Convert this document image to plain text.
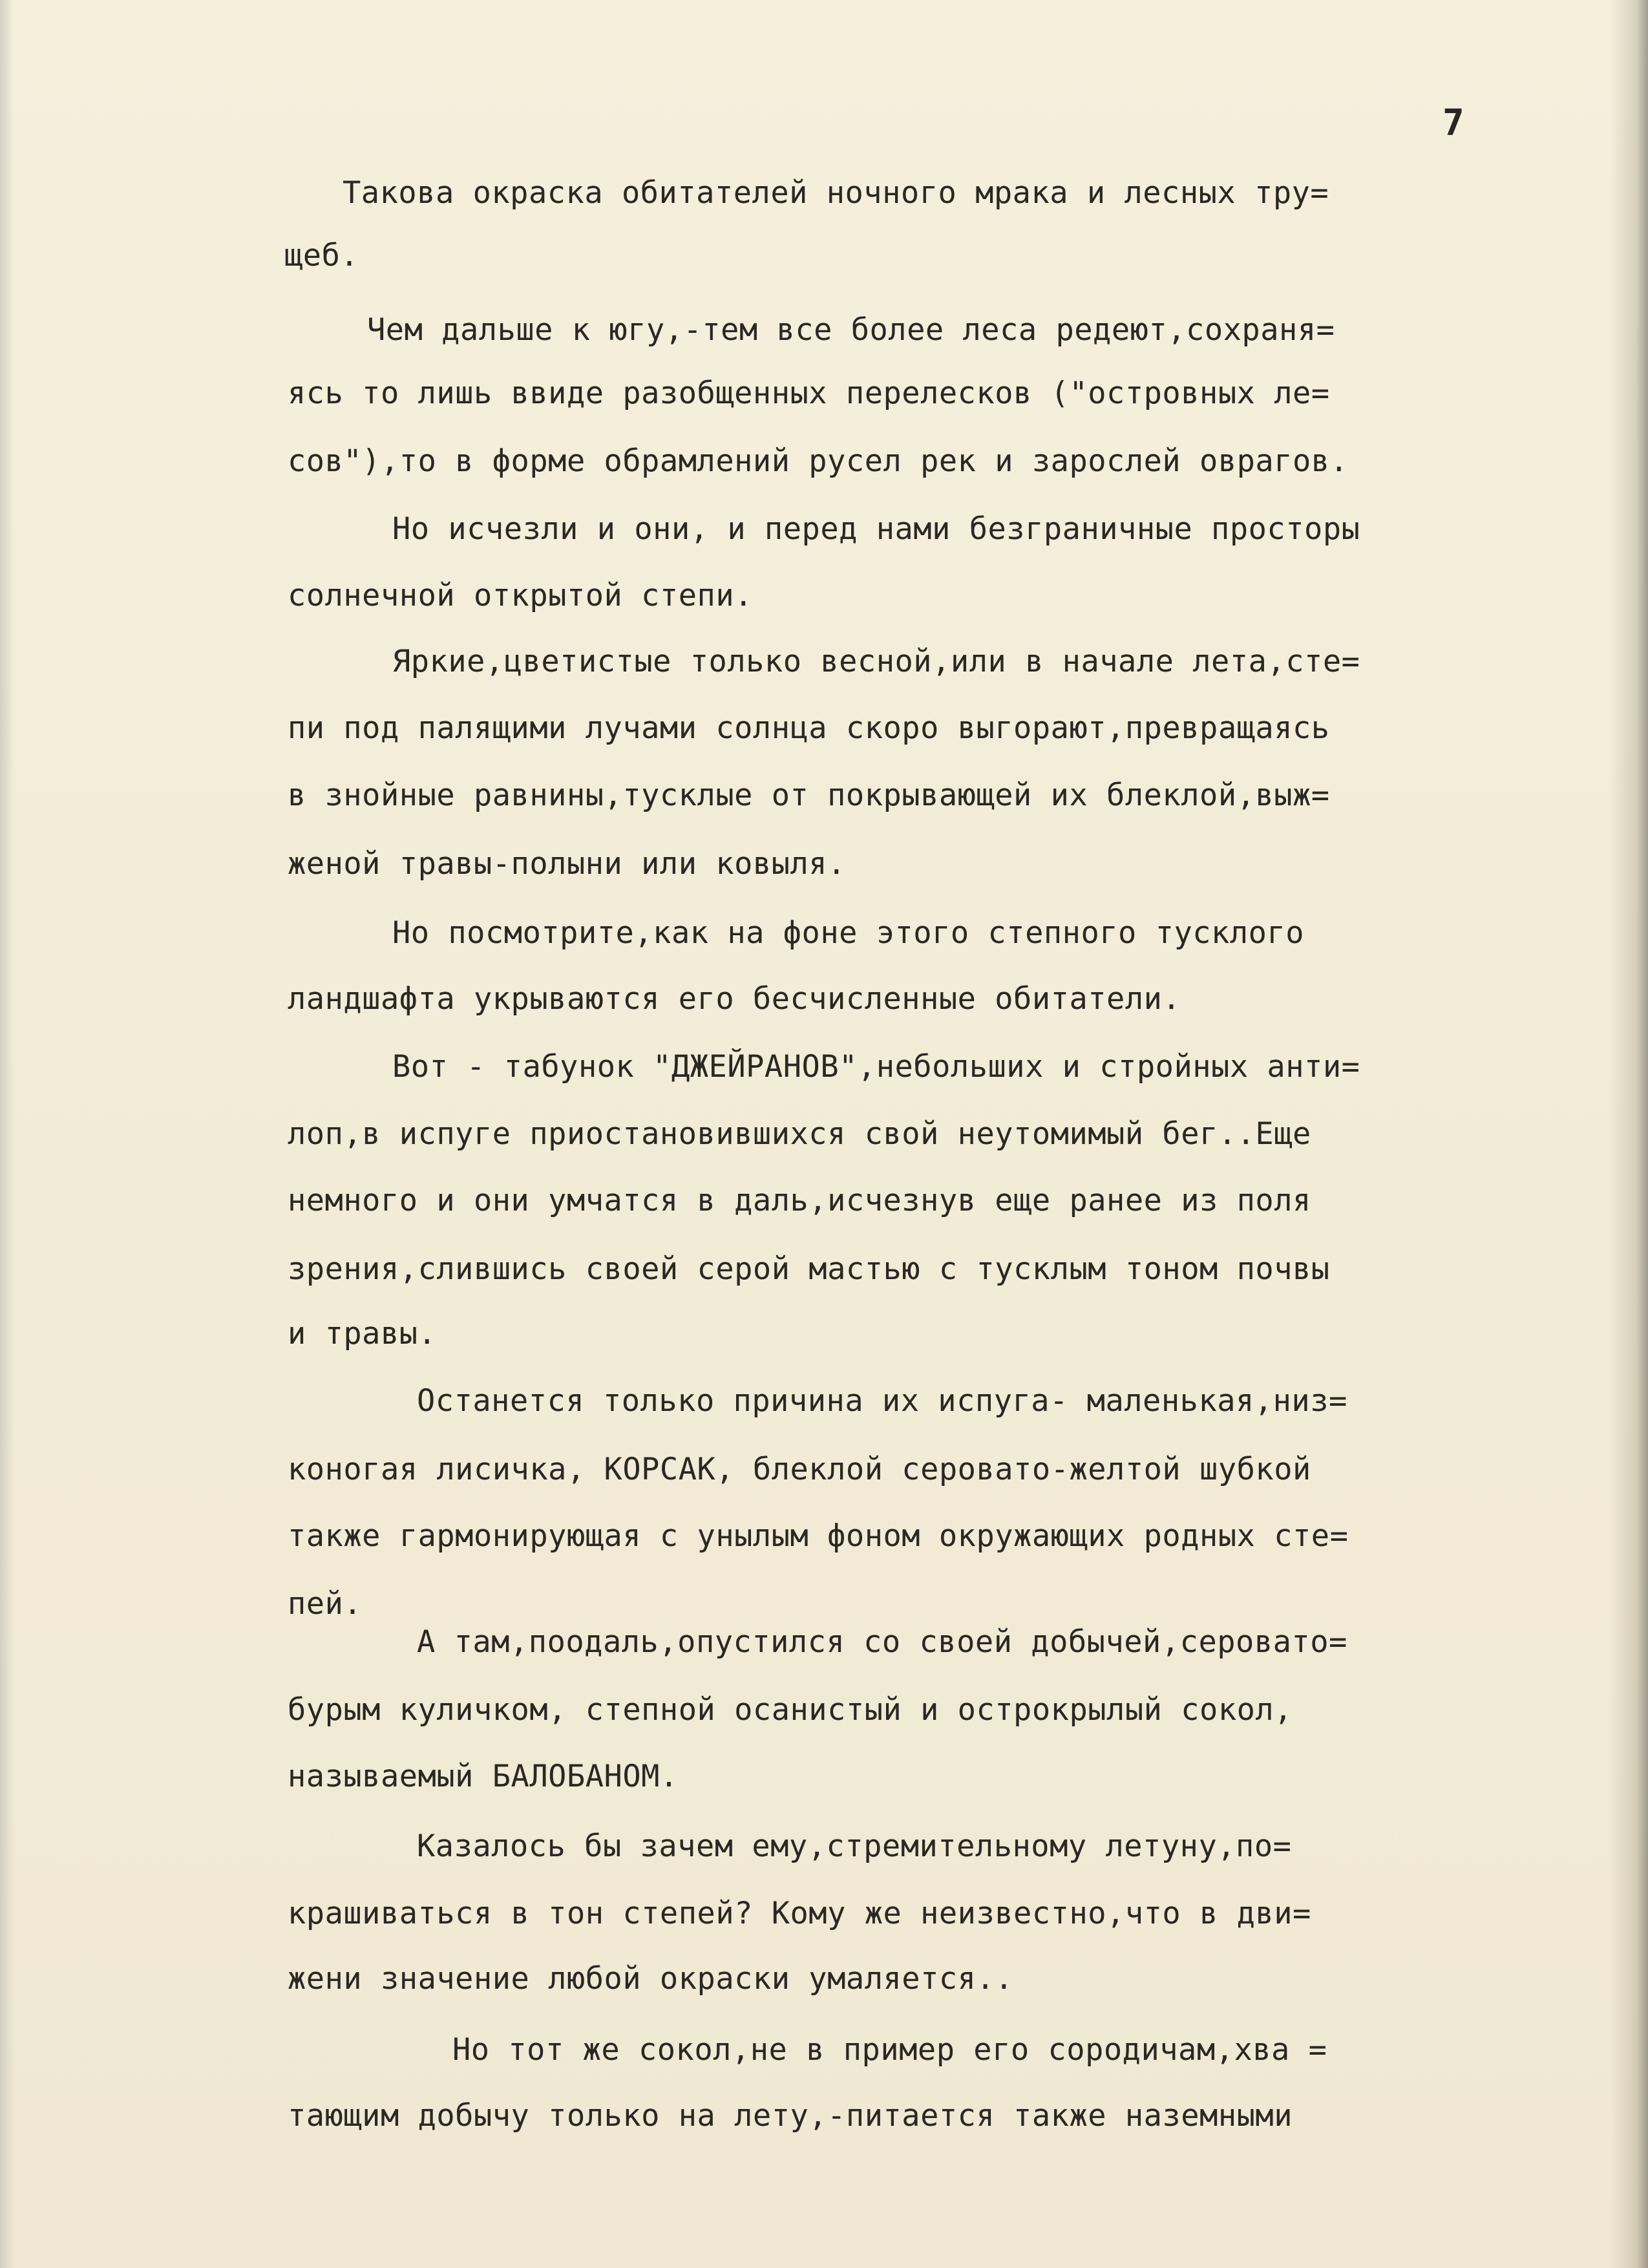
7
Такова окраска обитателей ночного мрака и лесных тру=
щеб.
Чем дальше к югу,-тем все более леса редеют,сохраня=
ясь то лишь ввиде разобщенных перелесков ("островных ле=
сов"),то в форме обрамлений русел рек и зарослей оврагов.
Но исчезли и они, и перед нами безграничные просторы
солнечной открытой степи.
Яркие,цветистые только весной,или в начале лета,сте=
пи под палящими лучами солнца скоро выгорают,превращаясь
в знойные равнины,тусклые от покрывающей их блеклой,выж=
женой травы-полыни или ковыля.
Но посмотрите,как на фоне этого степного тусклого
ландшафта укрываются его бесчисленные обитатели.
Вот - табунок "ДЖЕЙРАНОВ",небольших и стройных анти=
лоп,в испуге приостановившихся свой неутомимый бег..Еще
немного и они умчатся в даль,исчезнув еще ранее из поля
зрения,слившись своей серой мастью с тусклым тоном почвы
и травы.
Останется только причина их испуга- маленькая,низ=
коногая лисичка, КОРСАК, блеклой серовато-желтой шубкой
также гармонирующая с унылым фоном окружающих родных сте=
пей.
А там,поодаль,опустился со своей добычей,серовато=
бурым куличком, степной осанистый и острокрылый сокол,
называемый БАЛОБАНОМ.
Казалось бы зачем ему,стремительному летуну,по=
крашиваться в тон степей? Кому же неизвестно,что в дви=
жени значение любой окраски умаляется..
Но тот же сокол,не в пример его сородичам,хва =
тающим добычу только на лету,-питается также наземными
